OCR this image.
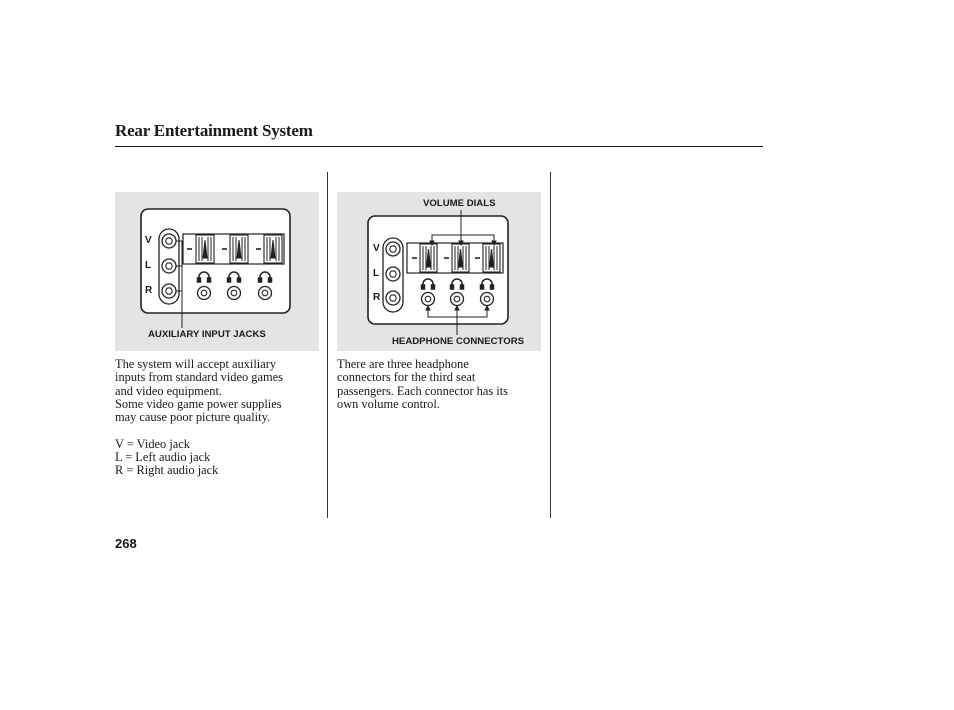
Rear Entertainment System
V
L
R
AUXILIARY INPUT JACKS
V
L
R
VOLUME DIALS
HEADPHONE CONNECTORS

The system will accept auxiliary

inputs from standard video games

and video equipment.

Some video game power supplies

may cause poor picture quality.

V = Video jack

L = Left audio jack

R = Right audio jack

There are three headphone

connectors for the third seat

passengers. Each connector has its

own volume control.

268
